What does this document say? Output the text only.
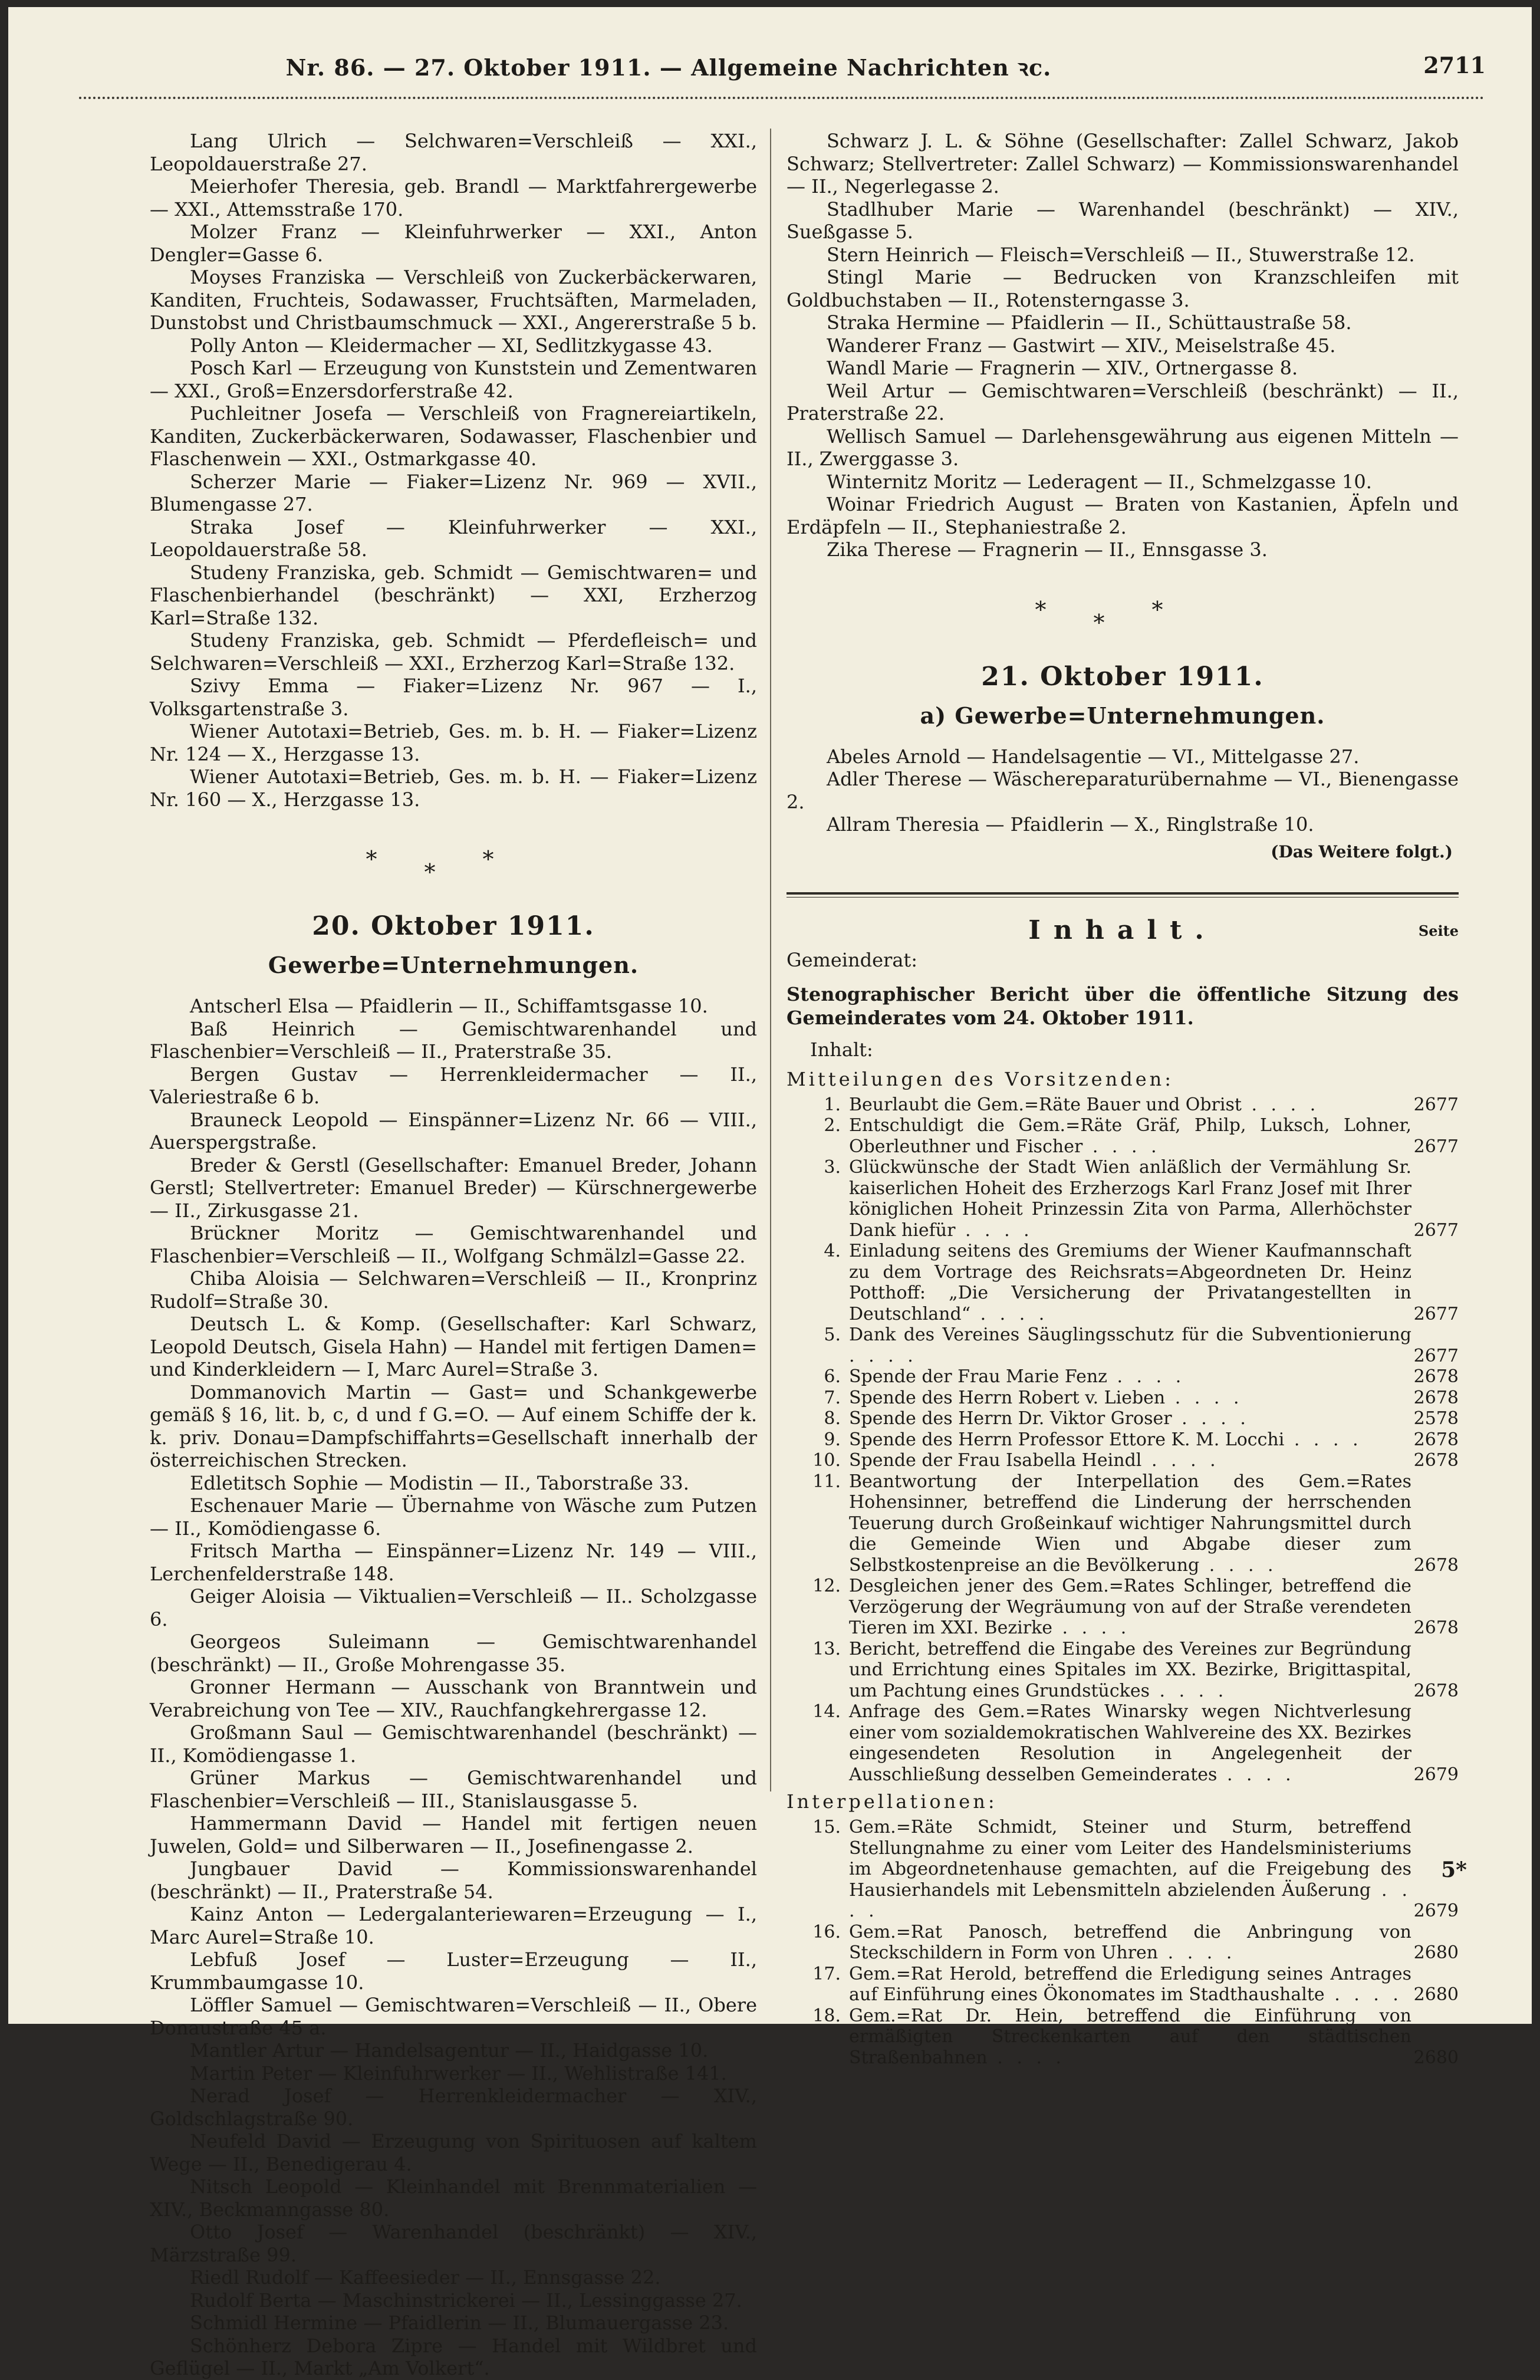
Nr. 86. — 27. Oktober 1911. — Allgemeine Nachrichten ꝛc.	2711

Lang Ulrich — Selchwaren=Verschleiß — XXI., Leopoldauerstraße 27.

Meierhofer Theresia, geb. Brandl — Marktfahrergewerbe — XXI., Attemsstraße 170.

Molzer Franz — Kleinfuhrwerker — XXI., Anton Dengler=Gasse 6.

Moyses Franziska — Verschleiß von Zuckerbäckerwaren, Kanditen, Fruchteis, Sodawasser, Fruchtsäften, Marmeladen, Dunstobst und Christbaumschmuck — XXI., Angererstraße 5 b.

Polly Anton — Kleidermacher — XI, Sedlitzkygasse 43.

Posch Karl — Erzeugung von Kunststein und Zementwaren — XXI., Groß=Enzersdorferstraße 42.

Puchleitner Josefa — Verschleiß von Fragnereiartikeln, Kanditen, Zuckerbäckerwaren, Sodawasser, Flaschenbier und Flaschenwein — XXI., Ostmarkgasse 40.

Scherzer Marie — Fiaker=Lizenz Nr. 969 — XVII., Blumengasse 27.

Straka Josef — Kleinfuhrwerker — XXI., Leopoldauerstraße 58.

Studeny Franziska, geb. Schmidt — Gemischtwaren= und Flaschenbierhandel (beschränkt) — XXI, Erzherzog Karl=Straße 132.

Studeny Franziska, geb. Schmidt — Pferdefleisch= und Selchwaren=Verschleiß — XXI., Erzherzog Karl=Straße 132.

Szivy Emma — Fiaker=Lizenz Nr. 967 — I., Volksgartenstraße 3.

Wiener Autotaxi=Betrieb, Ges. m. b. H. — Fiaker=Lizenz Nr. 124 — X., Herzgasse 13.

Wiener Autotaxi=Betrieb, Ges. m. b. H. — Fiaker=Lizenz Nr. 160 — X., Herzgasse 13.

***
20. Oktober 1911.
Gewerbe=Unternehmungen.

Antscherl Elsa — Pfaidlerin — II., Schiffamtsgasse 10.

Baß Heinrich — Gemischtwarenhandel und Flaschenbier=Verschleiß — II., Praterstraße 35.

Bergen Gustav — Herrenkleidermacher — II., Valeriestraße 6 b.

Brauneck Leopold — Einspänner=Lizenz Nr. 66 — VIII., Auerspergstraße.

Breder & Gerstl (Gesellschafter: Emanuel Breder, Johann Gerstl; Stellvertreter: Emanuel Breder) — Kürschnergewerbe — II., Zirkusgasse 21.

Brückner Moritz — Gemischtwarenhandel und Flaschenbier=Verschleiß — II., Wolfgang Schmälzl=Gasse 22.

Chiba Aloisia — Selchwaren=Verschleiß — II., Kronprinz Rudolf=Straße 30.

Deutsch L. & Komp. (Gesellschafter: Karl Schwarz, Leopold Deutsch, Gisela Hahn) — Handel mit fertigen Damen= und Kinderkleidern — I, Marc Aurel=Straße 3.

Dommanovich Martin — Gast= und Schankgewerbe gemäß § 16, lit. b, c, d und f G.=O. — Auf einem Schiffe der k. k. priv. Donau=Dampfschiffahrts=Gesellschaft innerhalb der österreichischen Strecken.

Edletitsch Sophie — Modistin — II., Taborstraße 33.

Eschenauer Marie — Übernahme von Wäsche zum Putzen — II., Komödiengasse 6.

Fritsch Martha — Einspänner=Lizenz Nr. 149 — VIII., Lerchenfelderstraße 148.

Geiger Aloisia — Viktualien=Verschleiß — II.. Scholzgasse 6.

Georgeos Suleimann — Gemischtwarenhandel (beschränkt) — II., Große Mohrengasse 35.

Gronner Hermann — Ausschank von Branntwein und Verabreichung von Tee — XIV., Rauchfangkehrergasse 12.

Großmann Saul — Gemischtwarenhandel (beschränkt) — II., Komödiengasse 1.

Grüner Markus — Gemischtwarenhandel und Flaschenbier=Verschleiß — III., Stanislausgasse 5.

Hammermann David — Handel mit fertigen neuen Juwelen, Gold= und Silberwaren — II., Josefinengasse 2.

Jungbauer David — Kommissionswarenhandel (beschränkt) — II., Praterstraße 54.

Kainz Anton — Ledergalanteriewaren=Erzeugung — I., Marc Aurel=Straße 10.

Lebfuß Josef — Luster=Erzeugung — II., Krummbaumgasse 10.

Löffler Samuel — Gemischtwaren=Verschleiß — II., Obere Donaustraße 45 a.

Mantler Artur — Handelsagentur — II., Haidgasse 10.

Martin Peter — Kleinfuhrwerker — II., Wehlistraße 141.

Nerad Josef — Herrenkleidermacher — XIV., Goldschlagstraße 90.

Neufeld David — Erzeugung von Spirituosen auf kaltem Wege — II., Benedigerau 4.

Nitsch Leopold — Kleinhandel mit Brennmaterialien — XIV., Beckmanngasse 80.

Otto Josef — Warenhandel (beschränkt) — XIV., Märzstraße 99.

Riedl Rudolf — Kaffeesieder — II., Ennsgasse 22.

Rudolf Berta — Maschinstrickerei — II., Lessinggasse 27.

Schmidl Hermine — Pfaidlerin — II., Blumauergasse 23.

Schönherz Debora Zipre — Handel mit Wildbret und Geflügel — II., Markt „Am Volkert“.

Schwarz J. L. & Söhne (Gesellschafter: Zallel Schwarz, Jakob Schwarz; Stellvertreter: Zallel Schwarz) — Kommissionswarenhandel — II., Negerlegasse 2.

Stadlhuber Marie — Warenhandel (beschränkt) — XIV., Sueßgasse 5.

Stern Heinrich — Fleisch=Verschleiß — II., Stuwerstraße 12.

Stingl Marie — Bedrucken von Kranzschleifen mit Goldbuchstaben — II., Rotensterngasse 3.

Straka Hermine — Pfaidlerin — II., Schüttaustraße 58.

Wanderer Franz — Gastwirt — XIV., Meiselstraße 45.

Wandl Marie — Fragnerin — XIV., Ortnergasse 8.

Weil Artur — Gemischtwaren=Verschleiß (beschränkt) — II., Praterstraße 22.

Wellisch Samuel — Darlehensgewährung aus eigenen Mitteln — II., Zwerggasse 3.

Winternitz Moritz — Lederagent — II., Schmelzgasse 10.

Woinar Friedrich August — Braten von Kastanien, Äpfeln und Erdäpfeln — II., Stephaniestraße 2.

Zika Therese — Fragnerin — II., Ennsgasse 3.

***
21. Oktober 1911.
a) Gewerbe=Unternehmungen.

Abeles Arnold — Handelsagentie — VI., Mittelgasse 27.

Adler Therese — Wäschereparaturübernahme — VI., Bienengasse 2.

Allram Theresia — Pfaidlerin — X., Ringlstraße 10.

(Das Weitere folgt.)
Inhalt.	Seite
Gemeinderat:
Stenographischer Bericht über die öffentliche Sitzung des Gemeinderates vom 24. Oktober 1911.
Inhalt:
Mitteilungen des Vorsitzenden:
1. Beurlaubt die Gem.=Räte Bauer und Obrist . . . .	2677
2. Entschuldigt die Gem.=Räte Gräf, Philp, Luksch, Lohner, Oberleuthner und Fischer . . . .	2677
3. Glückwünsche der Stadt Wien anläßlich der Vermählung Sr. kaiserlichen Hoheit des Erzherzogs Karl Franz Josef mit Ihrer königlichen Hoheit Prinzessin Zita von Parma, Allerhöchster Dank hiefür . . . .	2677
4. Einladung seitens des Gremiums der Wiener Kaufmannschaft zu dem Vortrage des Reichsrats=Abgeordneten Dr. Heinz Potthoff: „Die Versicherung der Privatangestellten in Deutschland“ . . . .	2677
5. Dank des Vereines Säuglingsschutz für die Subventionierung . . . .	2677
6. Spende der Frau Marie Fenz . . . .	2678
7. Spende des Herrn Robert v. Lieben . . . .	2678
8. Spende des Herrn Dr. Viktor Groser . . . .	2578
9. Spende des Herrn Professor Ettore K. M. Locchi . . . .	2678
10. Spende der Frau Isabella Heindl . . . .	2678
11. Beantwortung der Interpellation des Gem.=Rates Hohensinner, betreffend die Linderung der herrschenden Teuerung durch Großeinkauf wichtiger Nahrungsmittel durch die Gemeinde Wien und Abgabe dieser zum Selbstkostenpreise an die Bevölkerung . . . .	2678
12. Desgleichen jener des Gem.=Rates Schlinger, betreffend die Verzögerung der Wegräumung von auf der Straße verendeten Tieren im XXI. Bezirke . . . .	2678
13. Bericht, betreffend die Eingabe des Vereines zur Begründung und Errichtung eines Spitales im XX. Bezirke, Brigittaspital, um Pachtung eines Grundstückes . . . .	2678
14. Anfrage des Gem.=Rates Winarsky wegen Nichtverlesung einer vom sozialdemokratischen Wahlvereine des XX. Bezirkes eingesendeten Resolution in Angelegenheit der Ausschließung desselben Gemeinderates . . . .	2679
Interpellationen:
15. Gem.=Räte Schmidt, Steiner und Sturm, betreffend Stellungnahme zu einer vom Leiter des Handelsministeriums im Abgeordnetenhause gemachten, auf die Freigebung des Hausierhandels mit Lebensmitteln abzielenden Äußerung . . . .	2679
16. Gem.=Rat Panosch, betreffend die Anbringung von Steckschildern in Form von Uhren . . . .	2680
17. Gem.=Rat Herold, betreffend die Erledigung seines Antrages auf Einführung eines Ökonomates im Stadthaushalte . . . . 2680
18. Gem.=Rat Dr. Hein, betreffend die Einführung von ermäßigten Streckenkarten auf den städtischen Straßenbahnen . . . .	2680
5*
